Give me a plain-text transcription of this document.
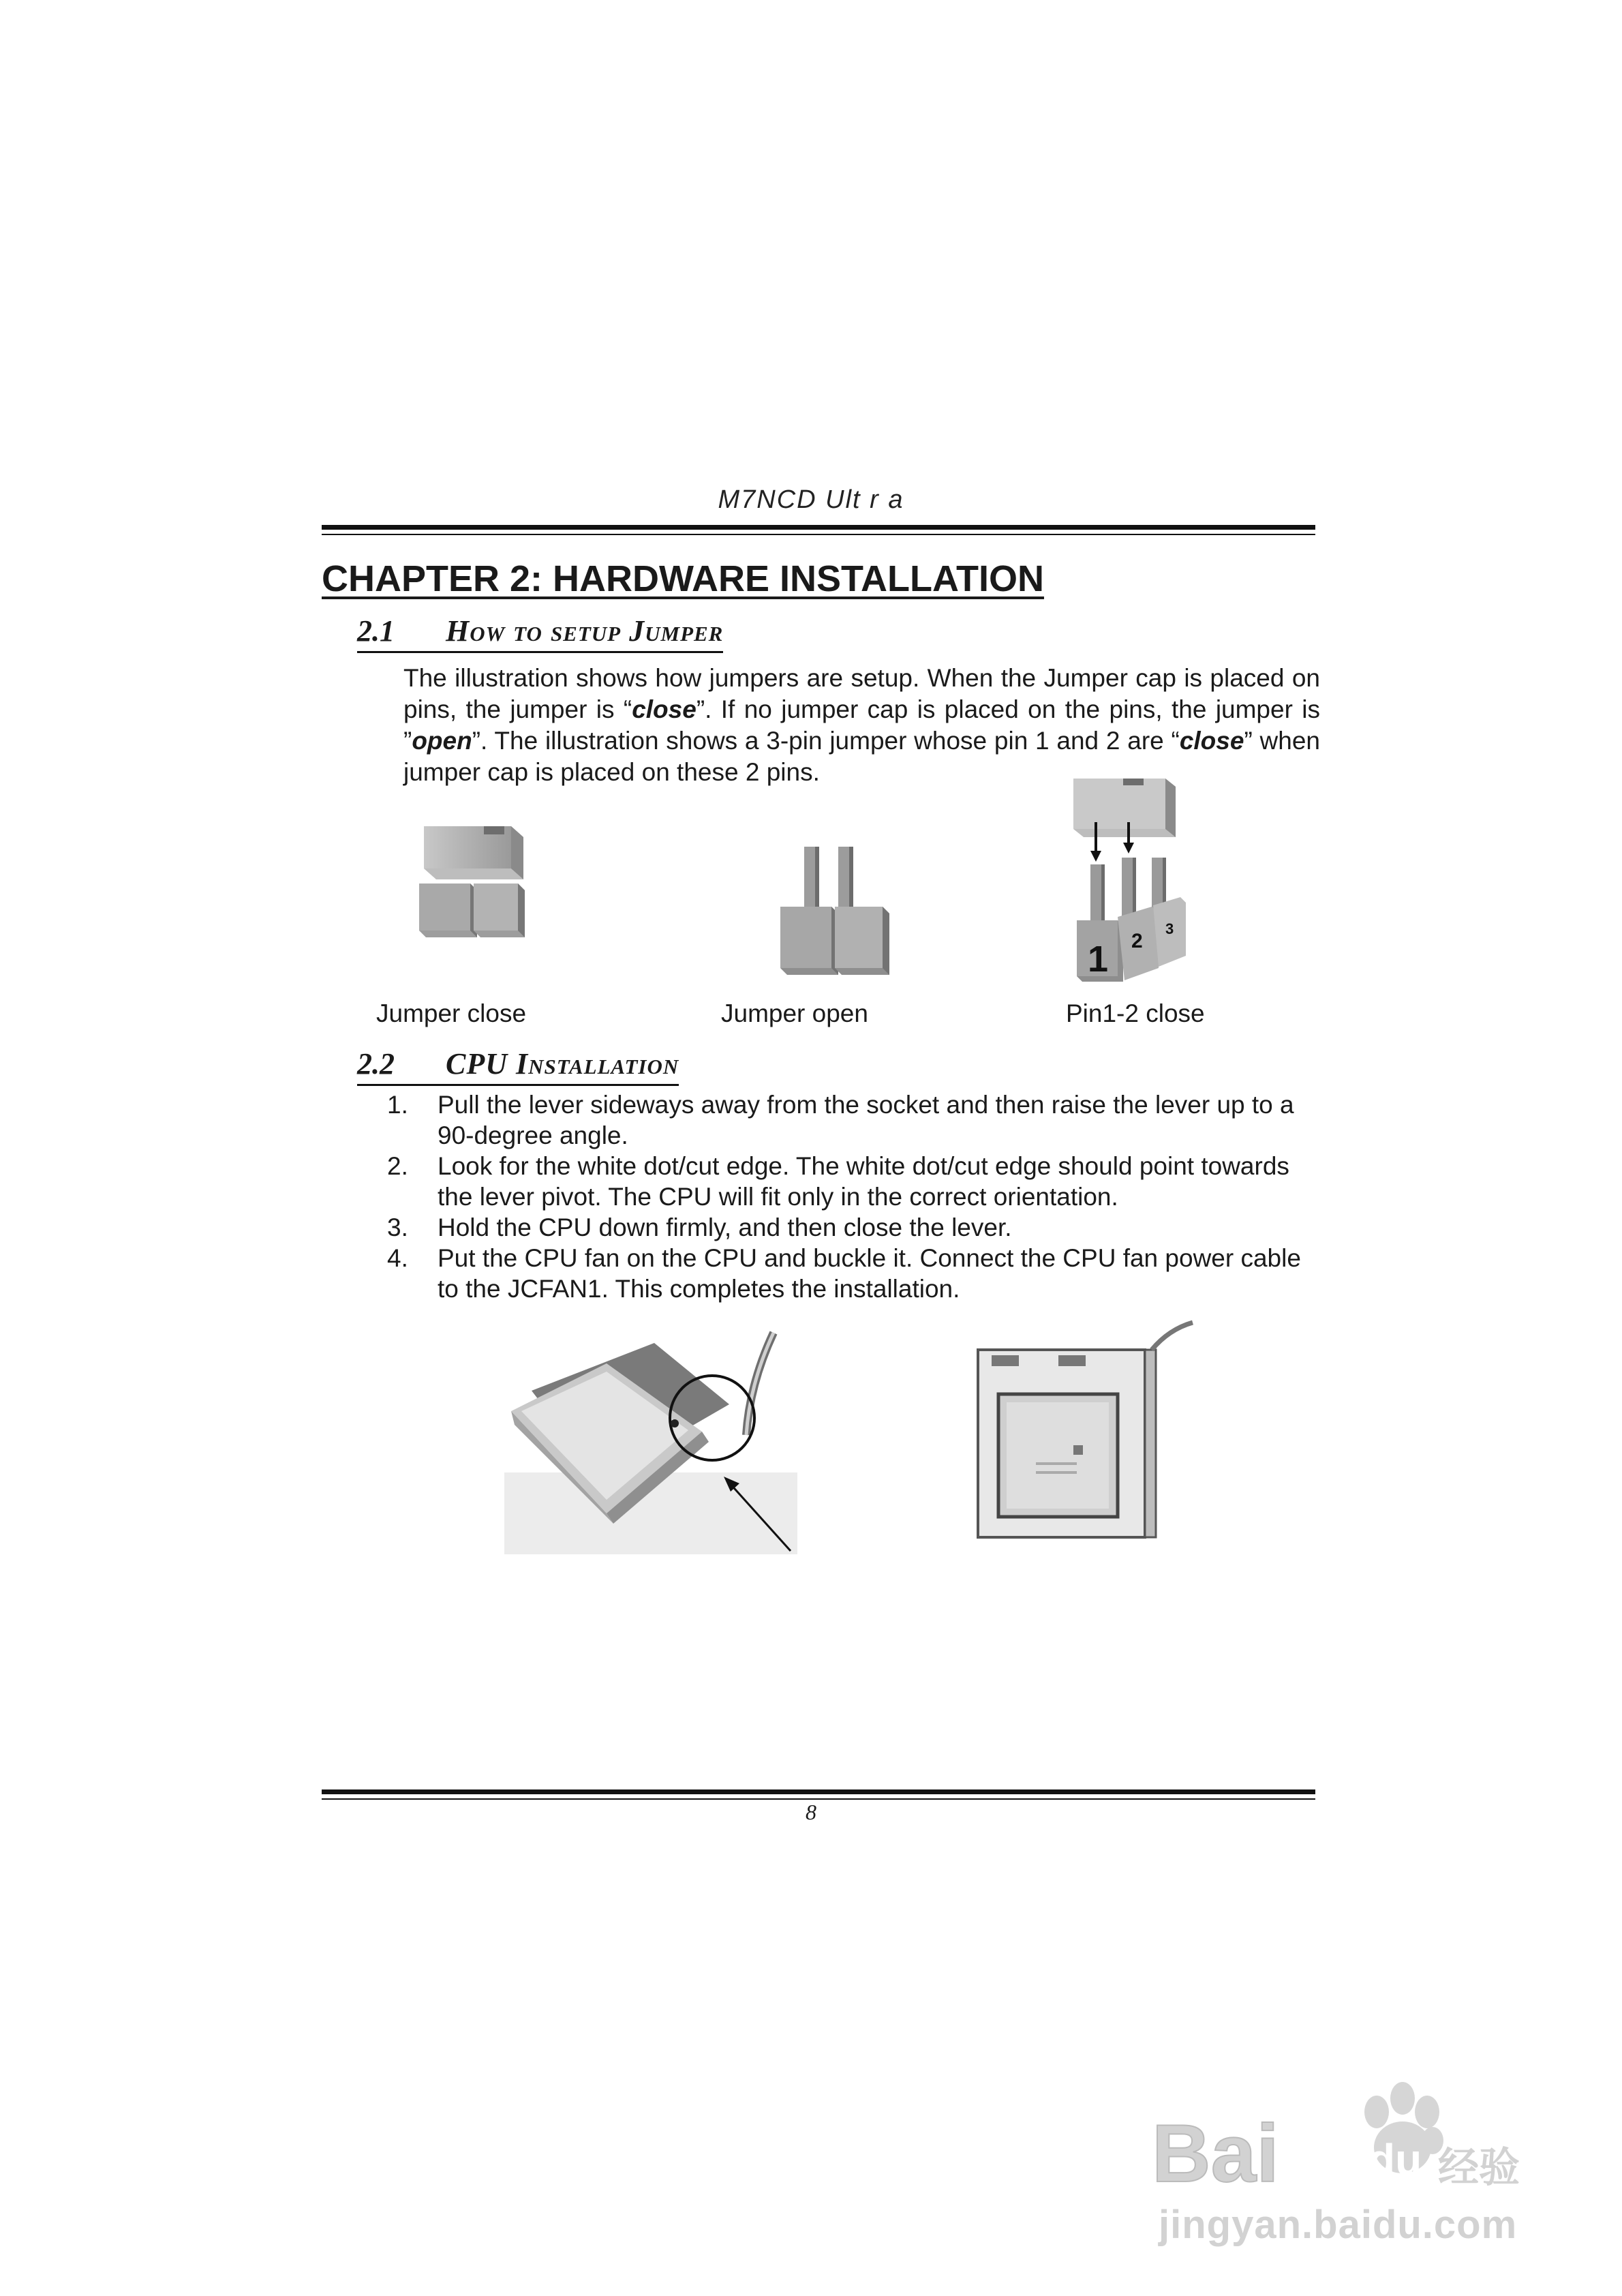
M7NCD Ult r a
CHAPTER 2: HARDWARE INSTALLATION
2.1 How to setup Jumper
The illustration shows how jumpers are setup. When the Jumper cap is placed on pins, the jumper is “close”. If no jumper cap is placed on the pins, the jumper is ”open”. The illustration shows a 3-pin jumper whose pin 1 and 2 are “close” when jumper cap is placed on these 2 pins.
1 2
3
Jumper close	Jumper open	Pin1-2 close
2.2 CPU Installation
1. Pull the lever sideways away from the socket and then raise the lever up to a 90-degree angle.
2. Look for the white dot/cut edge. The white dot/cut edge should point towards the lever pivot. The CPU will fit only in the correct orientation.
3. Hold the CPU down firmly, and then close the lever.
4. Put the CPU fan on the CPU and buckle it. Connect the CPU fan power cable to the JCFAN1. This completes the installation.
8
Bai du 经验
jingyan.baidu.com
